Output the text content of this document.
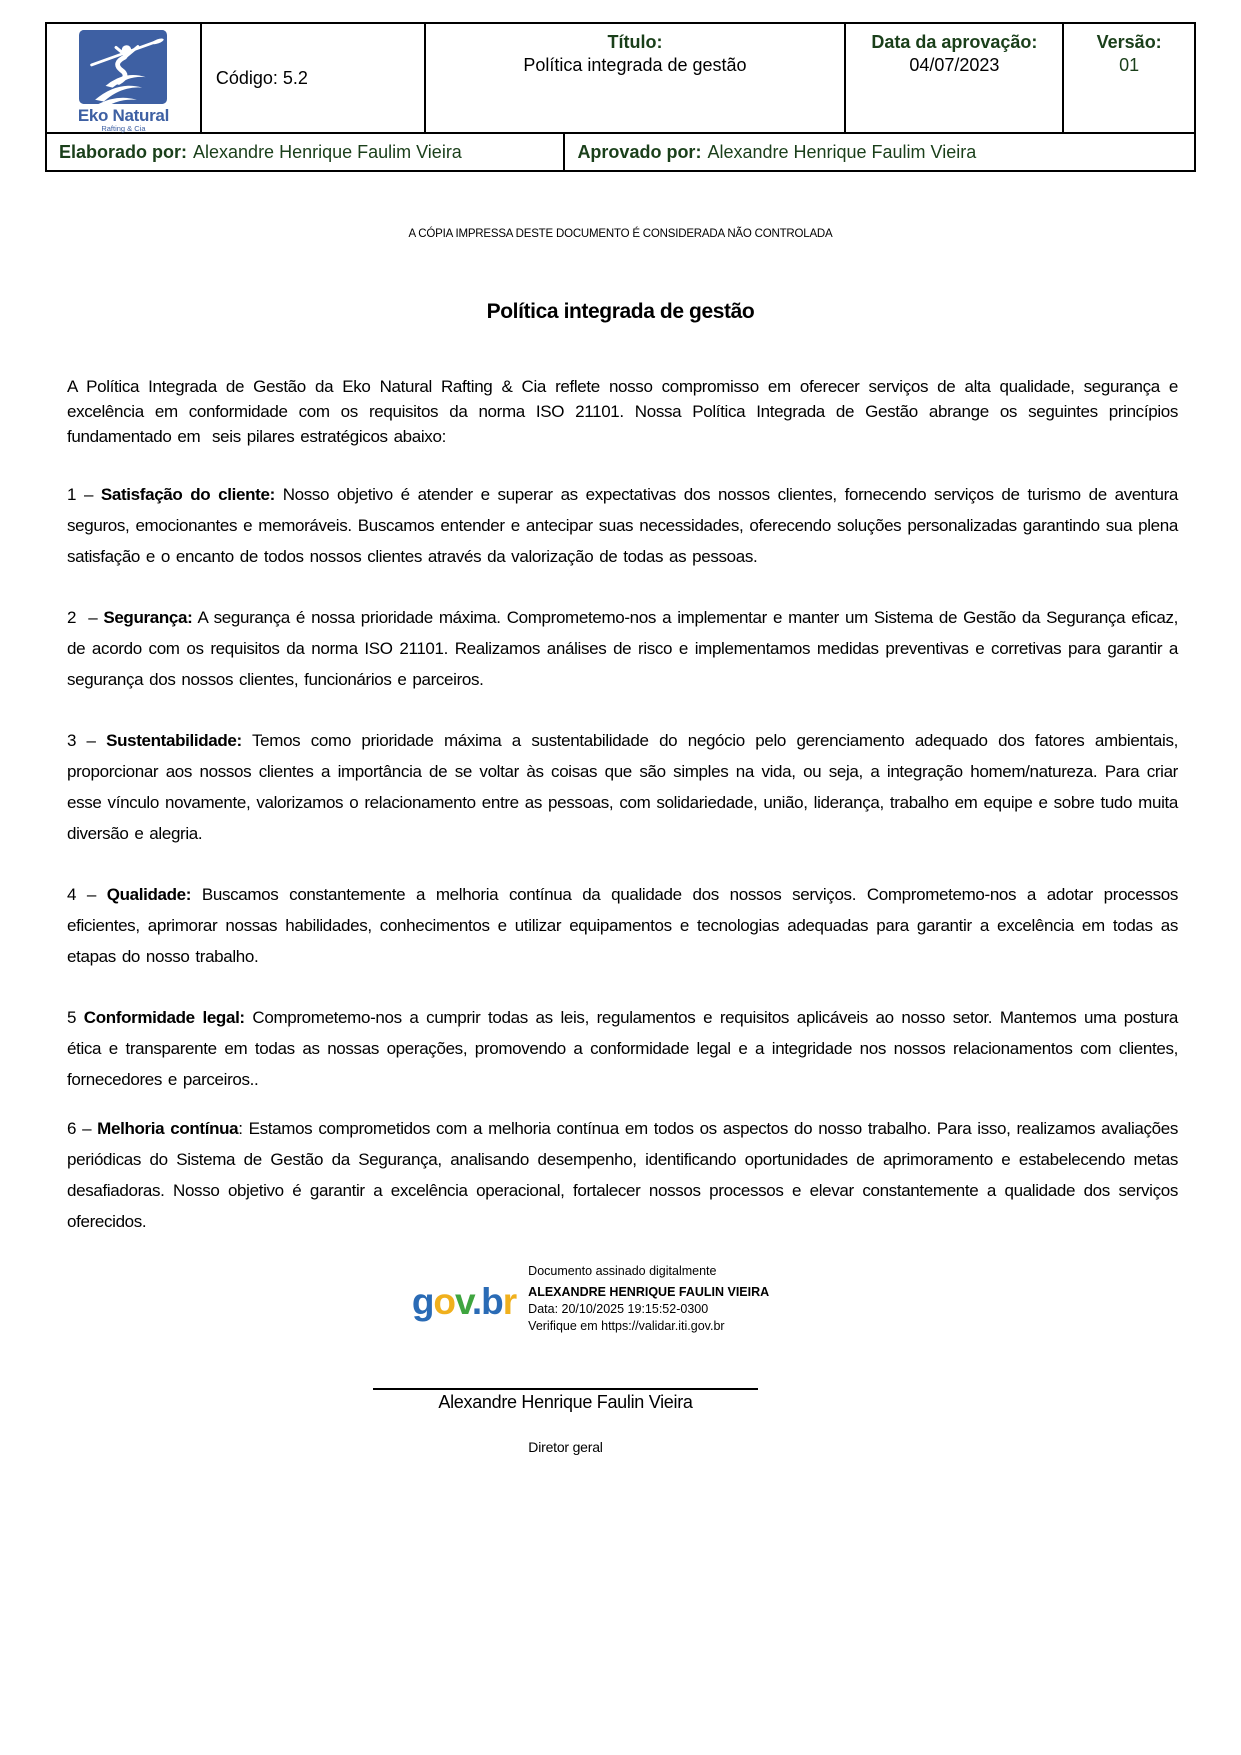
Eko Natural
Rafting & Cia
Código: 5.2
Título:
Política integrada de gestão
Data da aprovação:
04/07/2023
Versão:
01
Elaborado por: Alexandre Henrique Faulim Vieira	Aprovado por: Alexandre Henrique Faulim Vieira
A CÓPIA IMPRESSA DESTE DOCUMENTO É CONSIDERADA NÃO CONTROLADA
Política integrada de gestão

A Política Integrada de Gestão da Eko Natural Rafting & Cia reflete nosso compromisso em oferecer serviços de alta qualidade, segurança e excelência em conformidade com os requisitos da norma ISO 21101. Nossa Política Integrada de Gestão abrange os seguintes princípios fundamentado em  seis pilares estratégicos abaixo:

1 – Satisfação do cliente: Nosso objetivo é atender e superar as expectativas dos nossos clientes, fornecendo serviços de turismo de aventura seguros, emocionantes e memoráveis. Buscamos entender e antecipar suas necessidades, oferecendo soluções personalizadas garantindo sua plena satisfação e o encanto de todos nossos clientes através da valorização de todas as pessoas.

2  – Segurança: A segurança é nossa prioridade máxima. Comprometemo-nos a implementar e manter um Sistema de Gestão da Segurança eficaz, de acordo com os requisitos da norma ISO 21101. Realizamos análises de risco e implementamos medidas preventivas e corretivas para garantir a segurança dos nossos clientes, funcionários e parceiros.

3 – Sustentabilidade: Temos como prioridade máxima a sustentabilidade do negócio pelo gerenciamento adequado dos fatores ambientais, proporcionar aos nossos clientes a importância de se voltar às coisas que são simples na vida, ou seja, a integração homem/natureza. Para criar esse vínculo novamente, valorizamos o relacionamento entre as pessoas, com solidariedade, união, liderança, trabalho em equipe e sobre tudo muita diversão e alegria.

4 – Qualidade: Buscamos constantemente a melhoria contínua da qualidade dos nossos serviços. Comprometemo-nos a adotar processos eficientes, aprimorar nossas habilidades, conhecimentos e utilizar equipamentos e tecnologias adequadas para garantir a excelência em todas as etapas do nosso trabalho.

5 Conformidade legal: Comprometemo-nos a cumprir todas as leis, regulamentos e requisitos aplicáveis ao nosso setor. Mantemos uma postura ética e transparente em todas as nossas operações, promovendo a conformidade legal e a integridade nos nossos relacionamentos com clientes, fornecedores e parceiros..

6 – Melhoria contínua: Estamos comprometidos com a melhoria contínua em todos os aspectos do nosso trabalho. Para isso, realizamos avaliações periódicas do Sistema de Gestão da Segurança, analisando desempenho, identificando oportunidades de aprimoramento e estabelecendo metas desafiadoras. Nosso objetivo é garantir a excelência operacional, fortalecer nossos processos e elevar constantemente a qualidade dos serviços oferecidos.

gov.br
Documento assinado digitalmente
ALEXANDRE HENRIQUE FAULIN VIEIRA
Data: 20/10/2025 19:15:52-0300
Verifique em https://validar.iti.gov.br
Alexandre Henrique Faulin Vieira
Diretor geral
